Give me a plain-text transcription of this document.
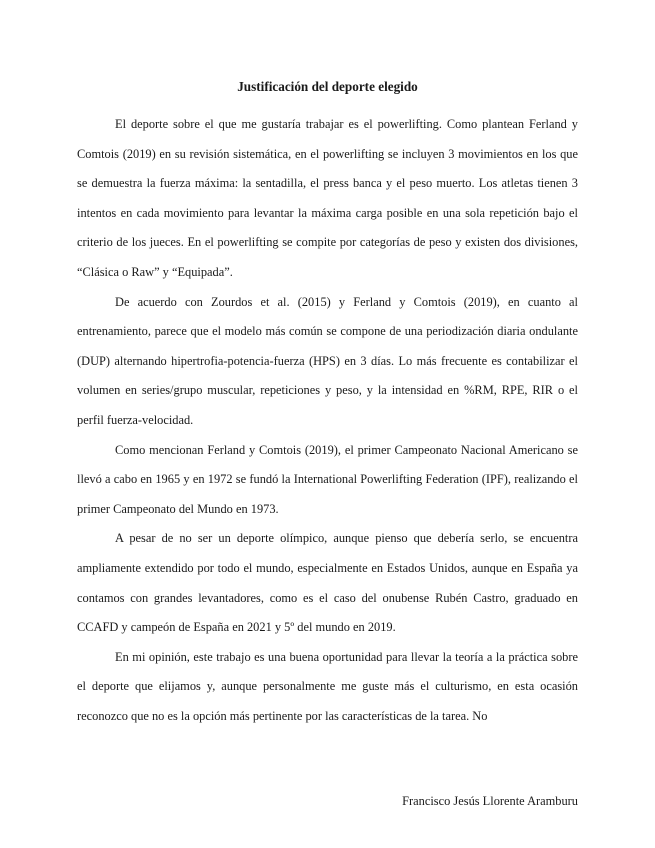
Justificación del deporte elegido

El deporte sobre el que me gustaría trabajar es el powerlifting. Como plantean Ferland y Comtois (2019) en su revisión sistemática, en el powerlifting se incluyen 3 movimientos en los que se demuestra la fuerza máxima: la sentadilla, el press banca y el peso muerto. Los atletas tienen 3 intentos en cada movimiento para levantar la máxima carga posible en una sola repetición bajo el criterio de los jueces. En el powerlifting se compite por categorías de peso y existen dos divisiones, “Clásica o Raw” y “Equipada”.

De acuerdo con Zourdos et al. (2015) y Ferland y Comtois (2019), en cuanto al entrenamiento, parece que el modelo más común se compone de una periodización diaria ondulante (DUP) alternando hipertrofia-potencia-fuerza (HPS) en 3 días. Lo más frecuente es contabilizar el volumen en series/grupo muscular, repeticiones y peso, y la intensidad en %RM, RPE, RIR o el perfil fuerza-velocidad.

Como mencionan Ferland y Comtois (2019), el primer Campeonato Nacional Americano se llevó a cabo en 1965 y en 1972 se fundó la International Powerlifting Federation (IPF), realizando el primer Campeonato del Mundo en 1973.

A pesar de no ser un deporte olímpico, aunque pienso que debería serlo, se encuentra ampliamente extendido por todo el mundo, especialmente en Estados Unidos, aunque en España ya contamos con grandes levantadores, como es el caso del onubense Rubén Castro, graduado en CCAFD y campeón de España en 2021 y 5º del mundo en 2019.

En mi opinión, este trabajo es una buena oportunidad para llevar la teoría a la práctica sobre el deporte que elijamos y, aunque personalmente me guste más el culturismo, en esta ocasión reconozco que no es la opción más pertinente por las características de la tarea. No

Francisco Jesús Llorente Aramburu
